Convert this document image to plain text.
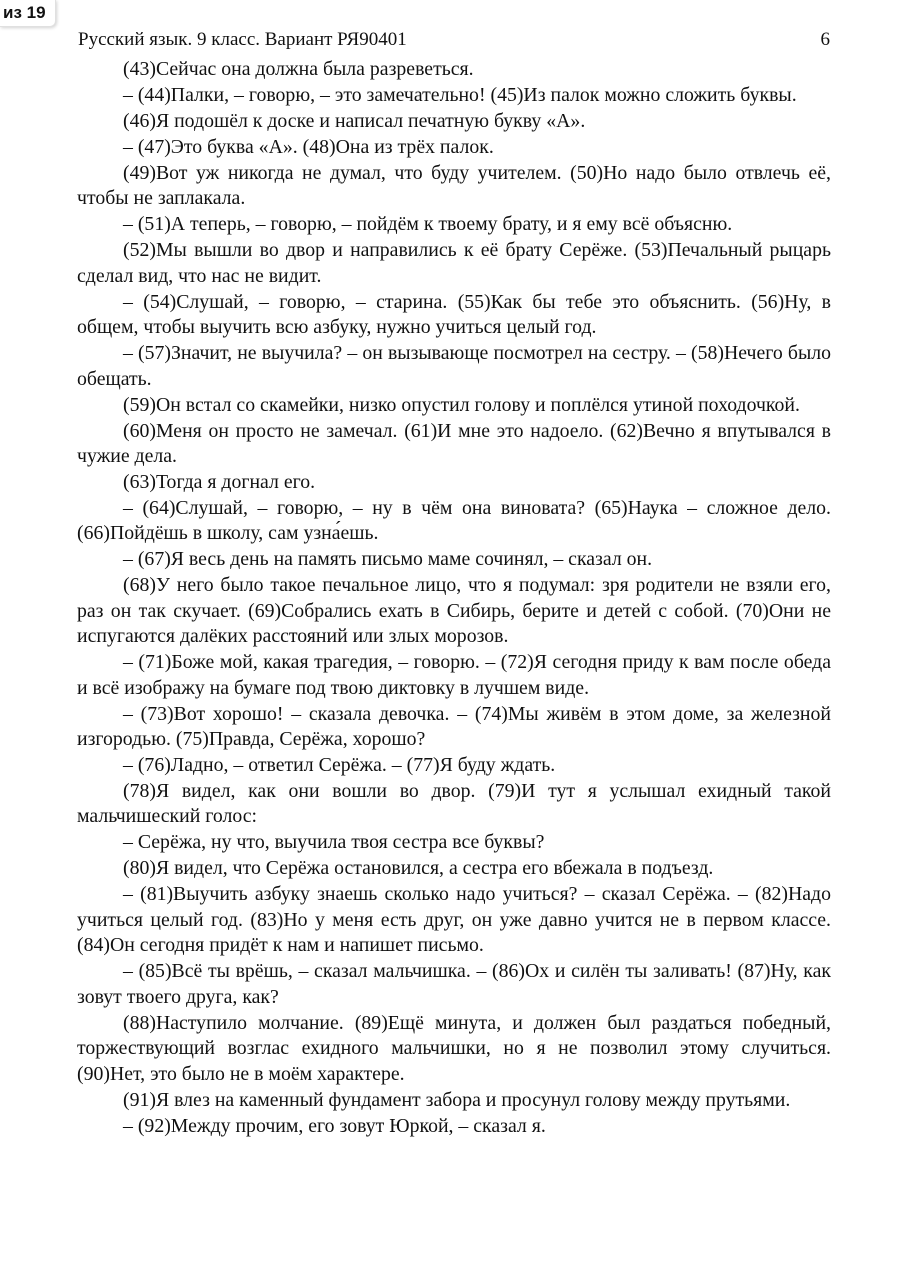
из 19
Русский язык. 9 класс. Вариант РЯ90401	6

(43)Сейчас она должна была разреветься.

– (44)Палки, – говорю, – это замечательно! (45)Из палок можно сложить буквы.

(46)Я подошёл к доске и написал печатную букву «А».

– (47)Это буква «А». (48)Она из трёх палок.

(49)Вот уж никогда не думал, что буду учителем. (50)Но надо было отвлечь её, чтобы не заплакала.

– (51)А теперь, – говорю, – пойдём к твоему брату, и я ему всё объясню.

(52)Мы вышли во двор и направились к её брату Серёже. (53)Печальный рыцарь сделал вид, что нас не видит.

– (54)Слушай, – говорю, – старина. (55)Как бы тебе это объяснить. (56)Ну, в общем, чтобы выучить всю азбуку, нужно учиться целый год.

– (57)Значит, не выучила? – он вызывающе посмотрел на сестру. – (58)Нечего было обещать.

(59)Он встал со скамейки, низко опустил голову и поплёлся утиной походочкой.

(60)Меня он просто не замечал. (61)И мне это надоело. (62)Вечно я впутывался в чужие дела.

(63)Тогда я догнал его.

– (64)Слушай, – говорю, – ну в чём она виновата? (65)Наука – сложное дело. (66)Пойдёшь в школу, сам узна́ешь.

– (67)Я весь день на память письмо маме сочинял, – сказал он.

(68)У него было такое печальное лицо, что я подумал: зря родители не взяли его, раз он так скучает. (69)Собрались ехать в Сибирь, берите и детей с собой. (70)Они не испугаются далёких расстояний или злых морозов.

– (71)Боже мой, какая трагедия, – говорю. – (72)Я сегодня приду к вам после обеда и всё изображу на бумаге под твою диктовку в лучшем виде.

– (73)Вот хорошо! – сказала девочка. – (74)Мы живём в этом доме, за железной изгородью. (75)Правда, Серёжа, хорошо?

– (76)Ладно, – ответил Серёжа. – (77)Я буду ждать.

(78)Я видел, как они вошли во двор. (79)И тут я услышал ехидный такой мальчишеский голос:

– Серёжа, ну что, выучила твоя сестра все буквы?

(80)Я видел, что Серёжа остановился, а сестра его вбежала в подъезд.

– (81)Выучить азбуку знаешь сколько надо учиться? – сказал Серёжа. – (82)Надо учиться целый год. (83)Но у меня есть друг, он уже давно учится не в первом классе. (84)Он сегодня придёт к нам и напишет письмо.

– (85)Всё ты врёшь, – сказал мальчишка. – (86)Ох и силён ты заливать! (87)Ну, как зовут твоего друга, как?

(88)Наступило молчание. (89)Ещё минута, и должен был раздаться победный, торжествующий возглас ехидного мальчишки, но я не позволил этому случиться. (90)Нет, это было не в моём характере.

(91)Я влез на каменный фундамент забора и просунул голову между прутьями.

– (92)Между прочим, его зовут Юркой, – сказал я.
